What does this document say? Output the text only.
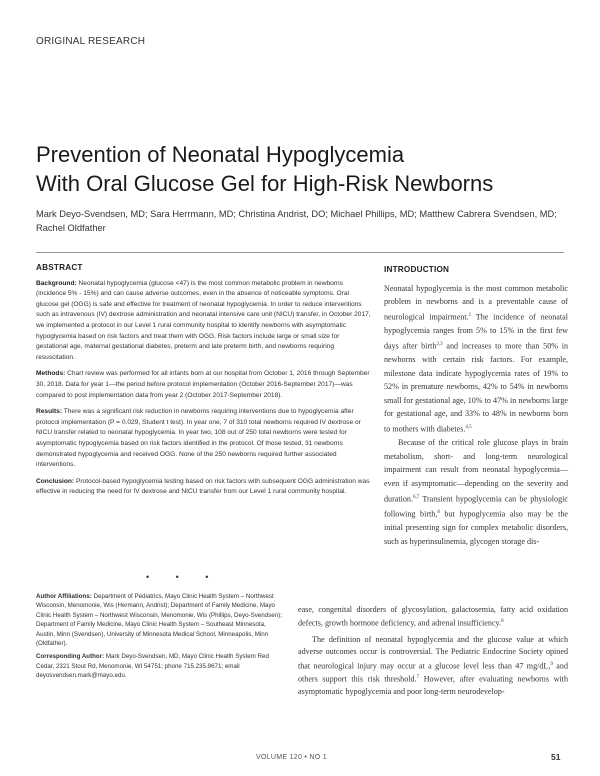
ORIGINAL RESEARCH
Prevention of Neonatal Hypoglycemia
With Oral Glucose Gel for High-Risk Newborns
Mark Deyo-Svendsen, MD; Sara Herrmann, MD; Christina Andrist, DO; Michael Phillips, MD; Matthew Cabrera Svendsen, MD; Rachel Oldfather
ABSTRACT

Background: Neonatal hypoglycemia (glucose <47) is the most common metabolic problem in newborns (incidence 5% - 15%) and can cause adverse outcomes, even in the absence of noticeable symptoms. Oral glucose gel (OGG) is safe and effective for treatment of neonatal hypoglycemia. In order to reduce interventions such as intravenous (IV) dextrose administration and neonatal intensive care unit (NICU) transfer, in October 2017, we implemented a protocol in our Level 1 rural community hospital to identify newborns with asymptomatic hypoglycemia based on risk factors and treat them with OGG. Risk factors include large or small size for gestational age, maternal gestational diabetes, preterm and late preterm birth, and newborns requiring resuscitation.

Methods: Chart review was performed for all infants born at our hospital from October 1, 2016 through September 30, 2018. Data for year 1—the period before protocol implementation (October 2016-September 2017)—was compared to post implementation data from year 2 (October 2017-September 2018).

Results: There was a significant risk reduction in newborns requiring interventions due to hypoglycemia after protocol implementation (P = 0.029, Student t test). In year one, 7 of 310 total newborns required IV dextrose or NICU transfer related to neonatal hypoglycemia. In year two, 108 out of 250 total newborns were tested for asymptomatic hypoglycemia based on risk factors identified in the protocol. Of those tested, 31 newborns demonstrated hypoglycemia and received OGG. None of the 250 newborns required further associated interventions.

Conclusion: Protocol-based hypoglycemia testing based on risk factors with subsequent OGG administration was effective in reducing the need for IV dextrose and NICU transfer from our Level 1 rural community hospital.

• • •

Author Affiliations: Department of Pediatrics, Mayo Clinic Health System – Northwest Wisconsin, Menomonie, Wis (Hermann, Andrist); Department of Family Medicine, Mayo Clinic Health System – Northwest Wisconsin, Menomonie, Wis (Phillips, Deyo-Svendsen); Department of Family Medicine, Mayo Clinic Health System – Southeast Minnesota, Austin, Minn (Svendsen), University of Minnesota Medical School, Minneapolis, Minn (Oldfather).

Corresponding Author: Mark Deyo-Svendsen, MD, Mayo Clinic Health System Red Cedar, 2321 Stout Rd, Menomonie, WI 54751; phone 715.235.9671; email deyosvendsen.mark@mayo.edu.

INTRODUCTION

Neonatal hypoglycemia is the most common metabolic problem in newborns and is a preventable cause of neurological impairment.$^1$ The incidence of neonatal hypoglycemia ranges from 5% to 15% in the first few days after birth$^{2,3}$ and increases to more than 50% in newborns with certain risk factors. For example, milestone data indicate hypoglycemia rates of 19% to 52% in premature newborns, 42% to 54% in newborns small for gestational age, 10% to 47% in newborns large for gestational age, and 33% to 48% in newborns born to mothers with diabetes.$^{4,5}$

Because of the critical role glucose plays in brain metabolism, short- and long-term neurological impairment can result from neonatal hypoglycemia—even if asymptomatic—depending on the severity and duration.$^{6,7}$ Transient hypoglycemia can be physiologic following birth,$^8$ but hypoglycemia also may be the initial presenting sign for complex metabolic disorders, such as hyperinsulinemia, glycogen storage dis-

ease, congenital disorders of glycosylation, galactosemia, fatty acid oxidation defects, growth hormone deficiency, and adrenal insufficiency.$^8$

The definition of neonatal hypoglycemia and the glucose value at which adverse outcomes occur is controversial. The Pediatric Endocrine Society opined that neurological injury may occur at a glucose level less than 47 mg/dL,$^9$ and others support this risk threshold.$^7$ However, after evaluating newborns with asymptomatic hypoglycemia and poor long-term neurodevelop-

VOLUME 120 • NO 1	51
